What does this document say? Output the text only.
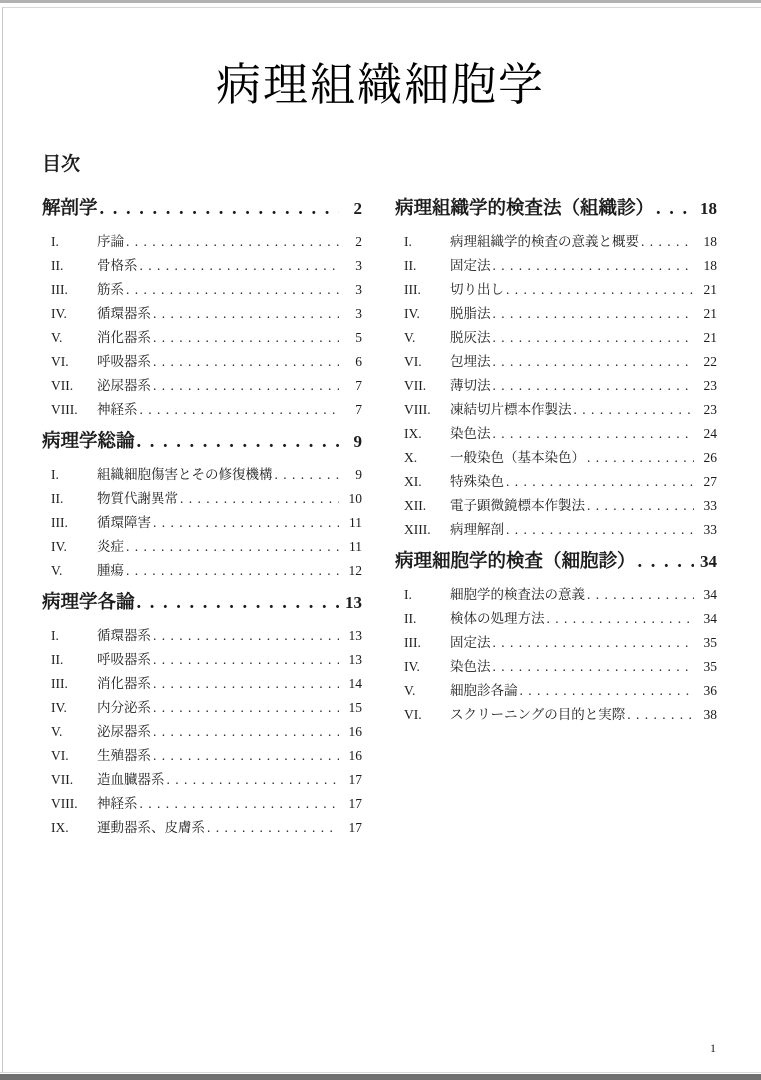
病理組織細胞学
目次
解剖学 . . .	2
I.	序論 . . .	2
II.	骨格系 . . .	3
III.	筋系 . . .	3
IV.	循環器系 . . .	3
V.	消化器系 . . .	5
VI.	呼吸器系 . . .	6
VII.	泌尿器系 . . .	7
VIII.	神経系 . . .	7
病理学総論 . . .	9
I.	組織細胞傷害とその修復機構 . . .	9
II.	物質代謝異常 . . .	10
III.	循環障害 . . .	11
IV.	炎症 . . .	11
V.	腫瘍 . . .	12
病理学各論 . . .	13
I.	循環器系 . . .	13
II.	呼吸器系 . . .	13
III.	消化器系 . . .	14
IV.	内分泌系 . . .	15
V.	泌尿器系 . . .	16
VI.	生殖器系 . . .	16
VII.	造血臓器系 . . .	17
VIII.	神経系 . . .	17
IX.	運動器系、皮膚系 . . .	17
病理組織学的検査法（組織診） . . .	18
I.	病理組織学的検査の意義と概要 . . .	18
II.	固定法 . . .	18
III.	切り出し . . .	21
IV.	脱脂法 . . .	21
V.	脱灰法 . . .	21
VI.	包埋法 . . .	22
VII.	薄切法 . . .	23
VIII.	凍結切片標本作製法 . . .	23
IX.	染色法 . . .	24
X.	一般染色（基本染色） . . .	26
XI.	特殊染色 . . .	27
XII.	電子顕微鏡標本作製法 . . .	33
XIII.	病理解剖 . . .	33
病理細胞学的検査（細胞診） . . .	34
I.	細胞学的検査法の意義 . . .	34
II.	検体の処理方法 . . .	34
III.	固定法 . . .	35
IV.	染色法 . . .	35
V.	細胞診各論 . . .	36
VI.	スクリーニングの目的と実際 . . .	38
1
